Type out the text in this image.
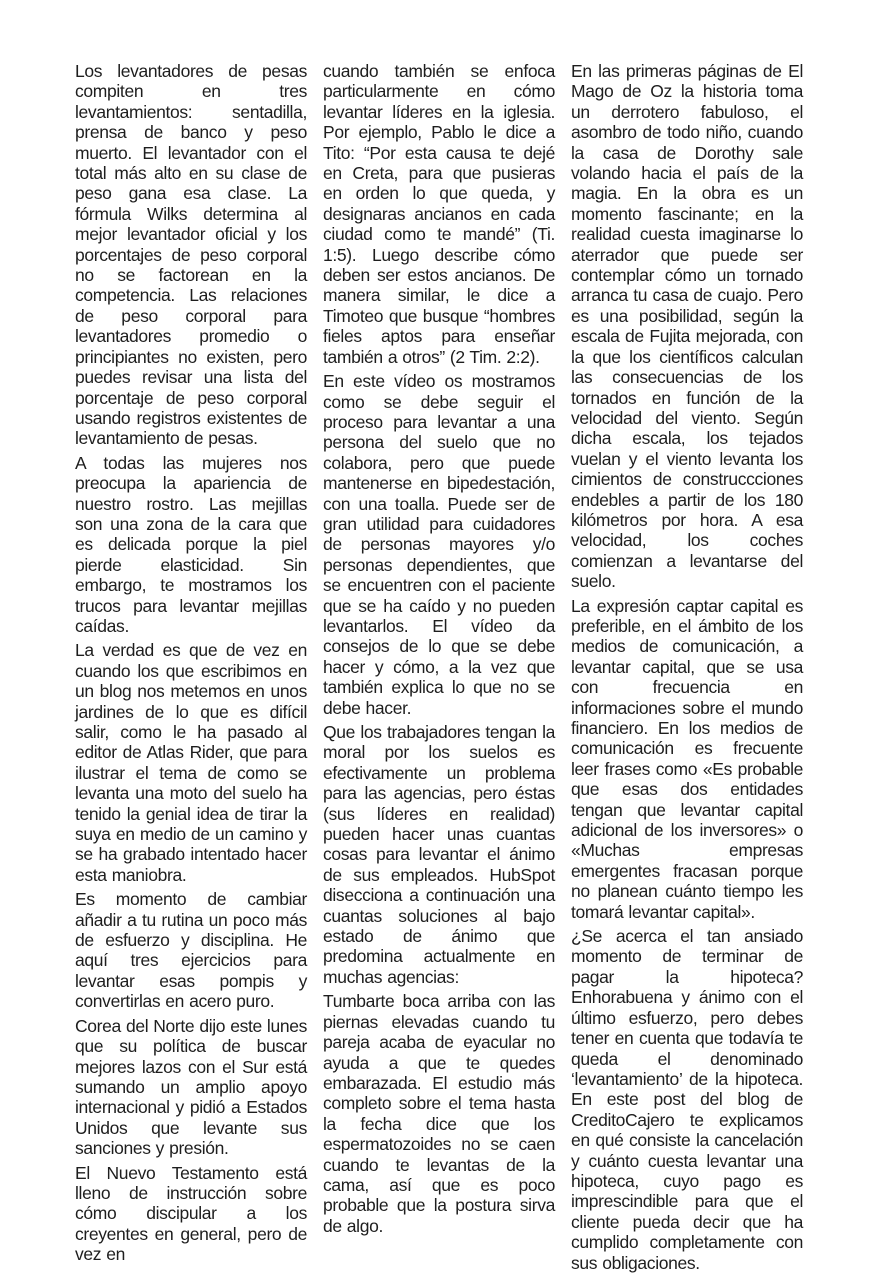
Los levantadores de pesas compiten en tres levantamientos: sentadilla, prensa de banco y peso muerto. El levantador con el total más alto en su clase de peso gana esa clase. La fórmula Wilks determina al mejor levantador oficial y los porcentajes de peso corporal no se factorean en la competencia. Las relaciones de peso corporal para levantadores promedio o principiantes no existen, pero puedes revisar una lista del porcentaje de peso corporal usando registros existentes de levantamiento de pesas.

A todas las mujeres nos preocupa la apariencia de nuestro rostro. Las mejillas son una zona de la cara que es delicada porque la piel pierde elasticidad. Sin embargo, te mostramos los trucos para levantar mejillas caídas.

La verdad es que de vez en cuando los que escribimos en un blog nos metemos en unos jardines de lo que es difícil salir, como le ha pasado al editor de Atlas Rider, que para ilustrar el tema de como se levanta una moto del suelo ha tenido la genial idea de tirar la suya en medio de un camino y se ha grabado intentado hacer esta maniobra.

Es momento de cambiar añadir a tu rutina un poco más de esfuerzo y disciplina. He aquí tres ejercicios para levantar esas pompis y convertirlas en acero puro.

Corea del Norte dijo este lunes que su política de buscar mejores lazos con el Sur está sumando un amplio apoyo internacional y pidió a Estados Unidos que levante sus sanciones y presión.

El Nuevo Testamento está lleno de instrucción sobre cómo discipular a los creyentes en general, pero de vez en

cuando también se enfoca particularmente en cómo levantar líderes en la iglesia. Por ejemplo, Pablo le dice a Tito: “Por esta causa te dejé en Creta, para que pusieras en orden lo que queda, y designaras ancianos en cada ciudad como te mandé” (Ti. 1:5). Luego describe cómo deben ser estos ancianos. De manera similar, le dice a Timoteo que busque “hombres fieles aptos para enseñar también a otros” (2 Tim. 2:2).

En este vídeo os mostramos como se debe seguir el proceso para levantar a una persona del suelo que no colabora, pero que puede mantenerse en bipedestación, con una toalla. Puede ser de gran utilidad para cuidadores de personas mayores y/o personas dependientes, que se encuentren con el paciente que se ha caído y no pueden levantarlos. El vídeo da consejos de lo que se debe hacer y cómo, a la vez que también explica lo que no se debe hacer.

Que los trabajadores tengan la moral por los suelos es efectivamente un problema para las agencias, pero éstas (sus líderes en realidad) pueden hacer unas cuantas cosas para levantar el ánimo de sus empleados. HubSpot disecciona a continuación una cuantas soluciones al bajo estado de ánimo que predomina actualmente en muchas agencias:

Tumbarte boca arriba con las piernas elevadas cuando tu pareja acaba de eyacular no ayuda a que te quedes embarazada. El estudio más completo sobre el tema hasta la fecha dice que los espermatozoides no se caen cuando te levantas de la cama, así que es poco probable que la postura sirva de algo.

En las primeras páginas de El Mago de Oz la historia toma un derrotero fabuloso, el asombro de todo niño, cuando la casa de Dorothy sale volando hacia el país de la magia. En la obra es un momento fascinante; en la realidad cuesta imaginarse lo aterrador que puede ser contemplar cómo un tornado arranca tu casa de cuajo. Pero es una posibilidad, según la escala de Fujita mejorada, con la que los científicos calculan las consecuencias de los tornados en función de la velocidad del viento. Según dicha escala, los tejados vuelan y el viento levanta los cimientos de construccciones endebles a partir de los 180 kilómetros por hora. A esa velocidad, los coches comienzan a levantarse del suelo.

La expresión captar capital es preferible, en el ámbito de los medios de comunicación, a levantar capital, que se usa con frecuencia en informaciones sobre el mundo financiero. En los medios de comunicación es frecuente leer frases como «Es probable que esas dos entidades tengan que levantar capital adicional de los inversores» o «Muchas empresas emergentes fracasan porque no planean cuánto tiempo les tomará levantar capital».

¿Se acerca el tan ansiado momento de terminar de pagar la hipoteca? Enhorabuena y ánimo con el último esfuerzo, pero debes tener en cuenta que todavía te queda el denominado ‘levantamiento’ de la hipoteca. En este post del blog de CreditoCajero te explicamos en qué consiste la cancelación y cuánto cuesta levantar una hipoteca, cuyo pago es imprescindible para que el cliente pueda decir que ha cumplido completamente con sus obligaciones.
